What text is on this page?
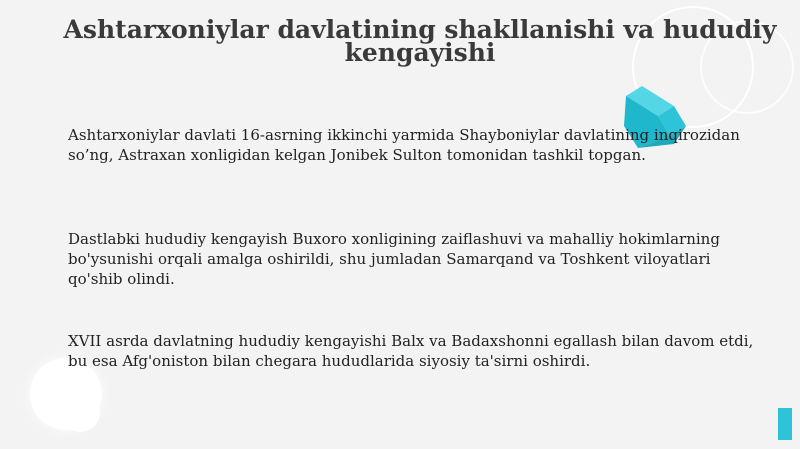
Ashtarxoniylar davlatining shakllanishi va hududiy kengayishi

Ashtarxoniylar davlati 16-asrning ikkinchi yarmida Shayboniylar davlatining inqirozidan so’ng, Astraxan xonligidan kelgan Jonibek Sulton tomonidan tashkil topgan.

Dastlabki hududiy kengayish Buxoro xonligining zaiflashuvi va mahalliy hokimlarning bo'ysunishi orqali amalga oshirildi, shu jumladan Samarqand va Toshkent viloyatlari qo'shib olindi.

XVII asrda davlatning hududiy kengayishi Balx va Badaxshonni egallash bilan davom etdi, bu esa Afg'oniston bilan chegara hududlarida siyosiy ta'sirni oshirdi.
